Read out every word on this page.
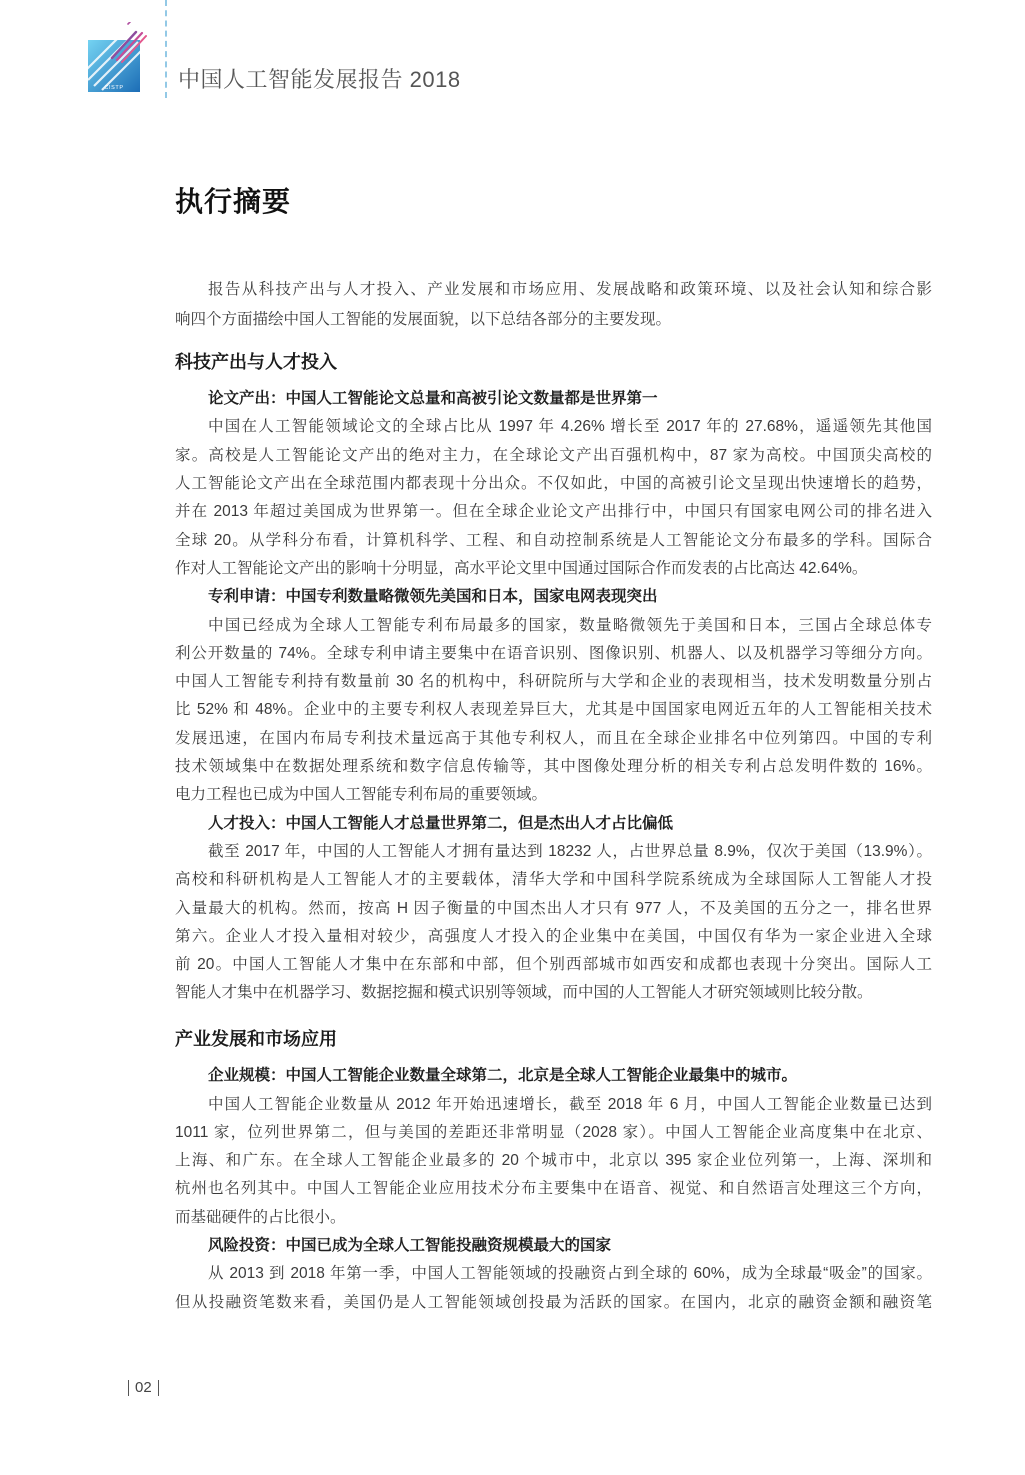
CISTP 中国人工智能发展报告 2018
执行摘要
报告从科技产出与人才投入、产业发展和市场应用、发展战略和政策环境、以及社会认知和综合影
响四个方面描绘中国人工智能的发展面貌，以下总结各部分的主要发现。
科技产出与人才投入
论文产出：中国人工智能论文总量和高被引论文数量都是世界第一
中国在人工智能领域论文的全球占比从 1997 年 4.26% 增长至 2017 年的 27.68%，遥遥领先其他国
家。高校是人工智能论文产出的绝对主力，在全球论文产出百强机构中，87 家为高校。中国顶尖高校的
人工智能论文产出在全球范围内都表现十分出众。不仅如此，中国的高被引论文呈现出快速增长的趋势，
并在 2013 年超过美国成为世界第一。但在全球企业论文产出排行中，中国只有国家电网公司的排名进入
全球 20。从学科分布看，计算机科学、工程、和自动控制系统是人工智能论文分布最多的学科。国际合
作对人工智能论文产出的影响十分明显，高水平论文里中国通过国际合作而发表的占比高达 42.64%。
专利申请：中国专利数量略微领先美国和日本，国家电网表现突出
中国已经成为全球人工智能专利布局最多的国家，数量略微领先于美国和日本，三国占全球总体专
利公开数量的 74%。全球专利申请主要集中在语音识别、图像识别、机器人、以及机器学习等细分方向。
中国人工智能专利持有数量前 30 名的机构中，科研院所与大学和企业的表现相当，技术发明数量分别占
比 52% 和 48%。企业中的主要专利权人表现差异巨大，尤其是中国国家电网近五年的人工智能相关技术
发展迅速，在国内布局专利技术量远高于其他专利权人，而且在全球企业排名中位列第四。中国的专利
技术领域集中在数据处理系统和数字信息传输等，其中图像处理分析的相关专利占总发明件数的 16%。
电力工程也已成为中国人工智能专利布局的重要领域。
人才投入：中国人工智能人才总量世界第二，但是杰出人才占比偏低
截至 2017 年，中国的人工智能人才拥有量达到 18232 人，占世界总量 8.9%，仅次于美国（13.9%）。
高校和科研机构是人工智能人才的主要载体，清华大学和中国科学院系统成为全球国际人工智能人才投
入量最大的机构。然而，按高 H 因子衡量的中国杰出人才只有 977 人，不及美国的五分之一，排名世界
第六。企业人才投入量相对较少，高强度人才投入的企业集中在美国，中国仅有华为一家企业进入全球
前 20。中国人工智能人才集中在东部和中部，但个别西部城市如西安和成都也表现十分突出。国际人工
智能人才集中在机器学习、数据挖掘和模式识别等领域，而中国的人工智能人才研究领域则比较分散。
产业发展和市场应用
企业规模：中国人工智能企业数量全球第二，北京是全球人工智能企业最集中的城市。
中国人工智能企业数量从 2012 年开始迅速增长，截至 2018 年 6 月，中国人工智能企业数量已达到
1011 家，位列世界第二，但与美国的差距还非常明显（2028 家）。中国人工智能企业高度集中在北京、
上海、和广东。在全球人工智能企业最多的 20 个城市中，北京以 395 家企业位列第一，上海、深圳和
杭州也名列其中。中国人工智能企业应用技术分布主要集中在语音、视觉、和自然语言处理这三个方向，
而基础硬件的占比很小。
风险投资：中国已成为全球人工智能投融资规模最大的国家
从 2013 到 2018 年第一季，中国人工智能领域的投融资占到全球的 60%，成为全球最“吸金”的国家。
但从投融资笔数来看，美国仍是人工智能领域创投最为活跃的国家。在国内，北京的融资金额和融资笔
02
